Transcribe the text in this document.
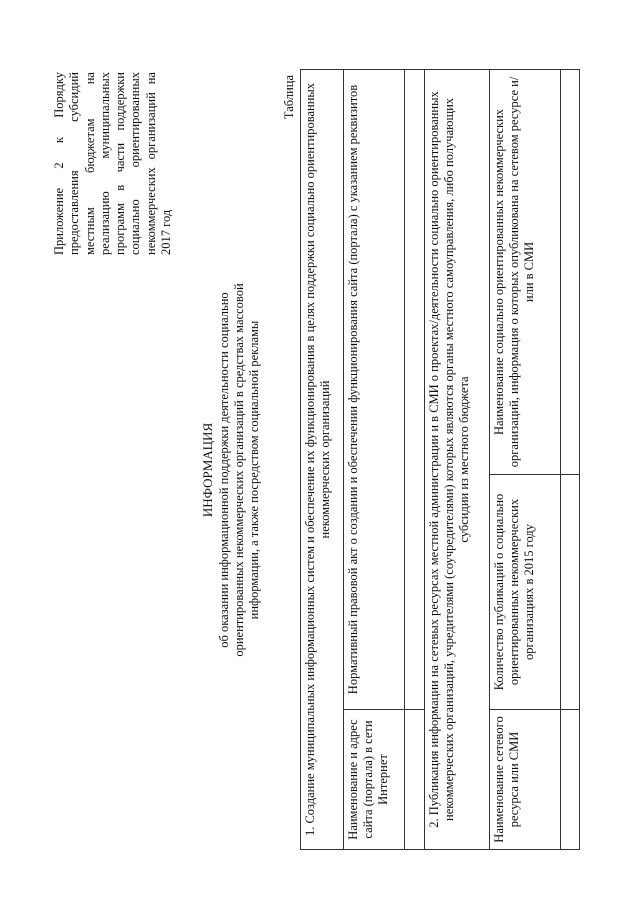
Приложение 2 к Порядку предоставления субсидий местным бюджетам на реализацию муниципальных программ в части поддержки социально ориентированных некоммерческих организаций на 2017 год
ИНФОРМАЦИЯ об оказании информационной поддержки деятельности социально ориентированных некоммерческих организаций в средствах массовой информации, а также посредством социальной рекламы
Таблица 1. Создание муниципальных информационных систем и обеспечение их функционирования в целях поддержки социально ориентированных некоммерческих организаций		
Наименование и адрес сайта (портала) в сети Интернет	Нормативный правовой акт о создании и обеспечении функционирования сайта (портала) с указанием реквизитов	

2. Публикация информации на сетевых ресурсах местной администрации и в СМИ о проектах/деятельности социально ориентированных некоммерческих организаций, учредителями (соучредителями) которых являются органы местного самоуправления, либо получающих субсидии из местного бюджета		
Наименование сетевого ресурса или СМИ	Количество публикаций о социально ориентированных некоммерческих организациях в 2015 году	Наименование социально ориентированных некоммерческих организаций, информация о которых опубликована на сетевом ресурсе и/или в СМИ
